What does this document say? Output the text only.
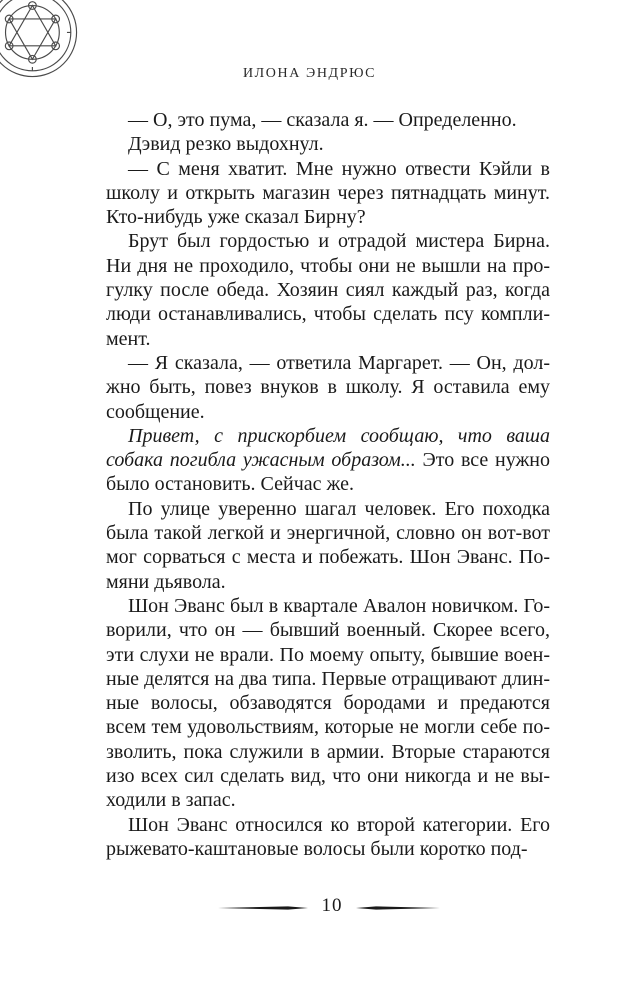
ИЛОНА ЭНДРЮС

— О, это пума, — сказала я. — Определенно.

Дэвид резко выдохнул.

— С меня хватит. Мне нужно отвести Кэйли в школу и открыть магазин через пятнадцать минут. Кто-нибудь уже сказал Бирну?

Брут был гордостью и отрадой мистера Бирна. Ни дня не проходило, чтобы они не вышли на прогулку после обеда. Хозяин сиял каждый раз, когда люди останавливались, чтобы сделать псу комплимент.

— Я сказала, — ответила Маргарет. — Он, должно быть, повез внуков в школу. Я оставила ему сообщение.

Привет, с прискорбием сообщаю, что ваша собака погибла ужасным образом... Это все нужно было остановить. Сейчас же.

По улице уверенно шагал человек. Его походка была такой легкой и энергичной, словно он вот-вот мог сорваться с места и побежать. Шон Эванс. Помяни дьявола.

Шон Эванс был в квартале Авалон новичком. Говорили, что он — бывший военный. Скорее всего, эти слухи не врали. По моему опыту, бывшие военные делятся на два типа. Первые отращивают длинные волосы, обзаводятся бородами и предаются всем тем удовольствиям, которые не могли себе позволить, пока служили в армии. Вторые стараются изо всех сил сделать вид, что они никогда и не выходили в запас.

Шон Эванс относился ко второй категории. Его рыжевато-каштановые волосы были коротко под-

10
